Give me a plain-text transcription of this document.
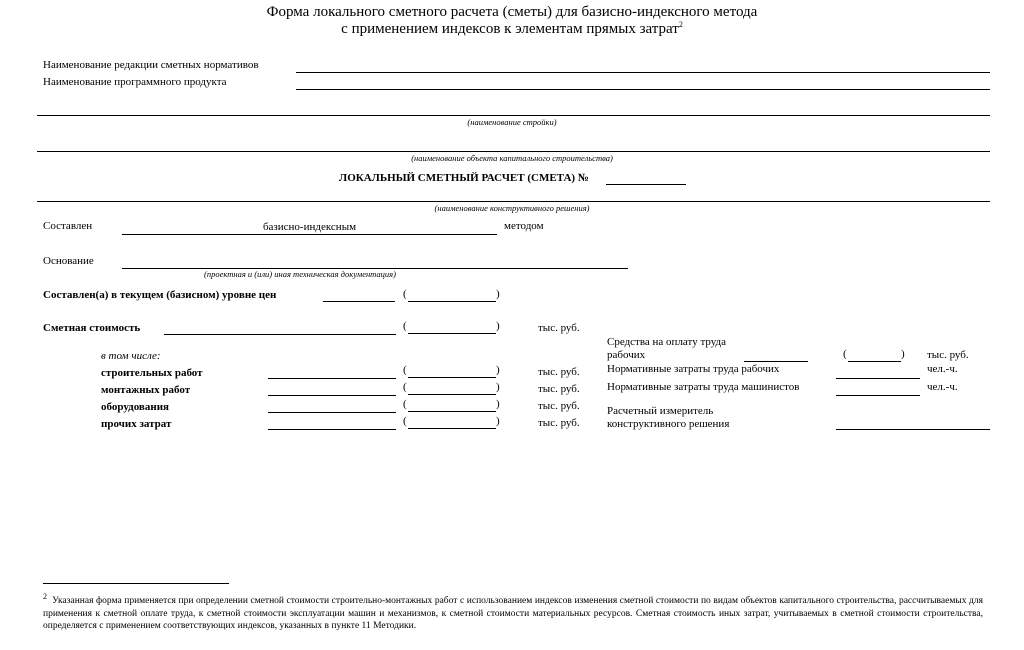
Форма локального сметного расчета (сметы) для базисно-индексного метода
с применением индексов к элементам прямых затрат$^2$
Наименование редакции сметных нормативов
Наименование программного продукта
(наименование стройки)
(наименование объекта капитального строительства)
ЛОКАЛЬНЫЙ СМЕТНЫЙ РАСЧЕТ (СМЕТА) №
(наименование конструктивного решения)
Составлен	базисно-индексным	методом
Основание
(проектная и (или) иная техническая документация)
Составлен(а) в текущем (базисном) уровне цен	(	)
Сметная стоимость	(	)	тыс. руб.
в том числе:
строительных работ	(	)	тыс. руб.
монтажных работ	(	)	тыс. руб.
оборудования	(	)	тыс. руб.
прочих затрат	(	)	тыс. руб.
Средства на оплату труда
рабочих	(	) тыс. руб.
Нормативные затраты труда рабочих	чел.-ч.
Нормативные затраты труда машинистов	чел.-ч.
Расчетный измеритель
конструктивного решения
$^2$ Указанная форма применяется при определении сметной стоимости строительно-монтажных работ с использованием индексов изменения сметной стоимости по видам объектов капитального строительства, рассчитываемых для применения к сметной оплате труда, к сметной стоимости эксплуатации машин и механизмов, к сметной стоимости материальных ресурсов. Сметная стоимость иных затрат, учитываемых в сметной стоимости строительства, определяется с применением соответствующих индексов, указанных в пункте 11 Методики.
